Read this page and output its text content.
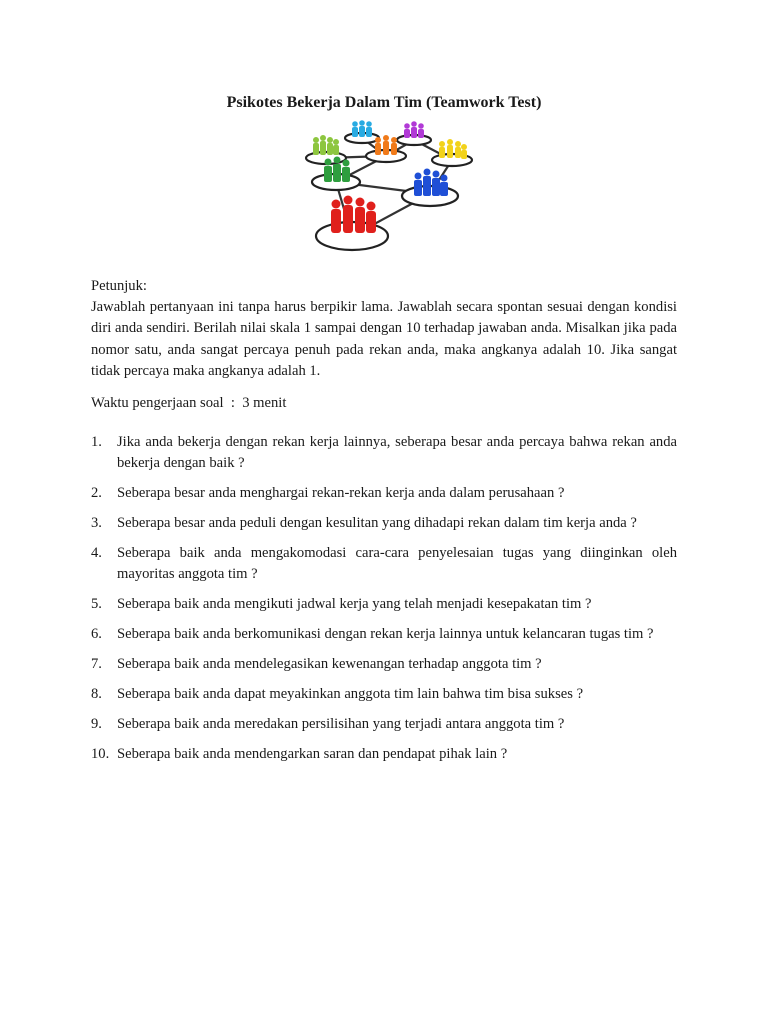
Psikotes Bekerja Dalam Tim (Teamwork Test)
Petunjuk:
Jawablah pertanyaan ini tanpa harus berpikir lama. Jawablah secara spontan sesuai dengan kondisi diri anda sendiri. Berilah nilai skala 1 sampai dengan 10 terhadap jawaban anda. Misalkan jika pada nomor satu, anda sangat percaya penuh pada rekan anda, maka angkanya adalah 10. Jika sangat tidak percaya maka angkanya adalah 1.
Waktu pengerjaan soal  :  3 menit
1. Jika anda bekerja dengan rekan kerja lainnya, seberapa besar anda percaya bahwa rekan anda bekerja dengan baik ?
2. Seberapa besar anda menghargai rekan-rekan kerja anda dalam perusahaan ?
3. Seberapa besar anda peduli dengan kesulitan yang dihadapi rekan dalam tim kerja anda ?
4. Seberapa baik anda mengakomodasi cara-cara penyelesaian tugas yang diinginkan oleh mayoritas anggota tim ?
5. Seberapa baik anda mengikuti jadwal kerja yang telah menjadi kesepakatan tim ?
6. Seberapa baik anda berkomunikasi dengan rekan kerja lainnya untuk kelancaran tugas tim ?
7. Seberapa baik anda mendelegasikan kewenangan terhadap anggota tim ?
8. Seberapa baik anda dapat meyakinkan anggota tim lain bahwa tim bisa sukses ?
9. Seberapa baik anda meredakan persilisihan yang terjadi antara anggota tim ?
10. Seberapa baik anda mendengarkan saran dan pendapat pihak lain ?
